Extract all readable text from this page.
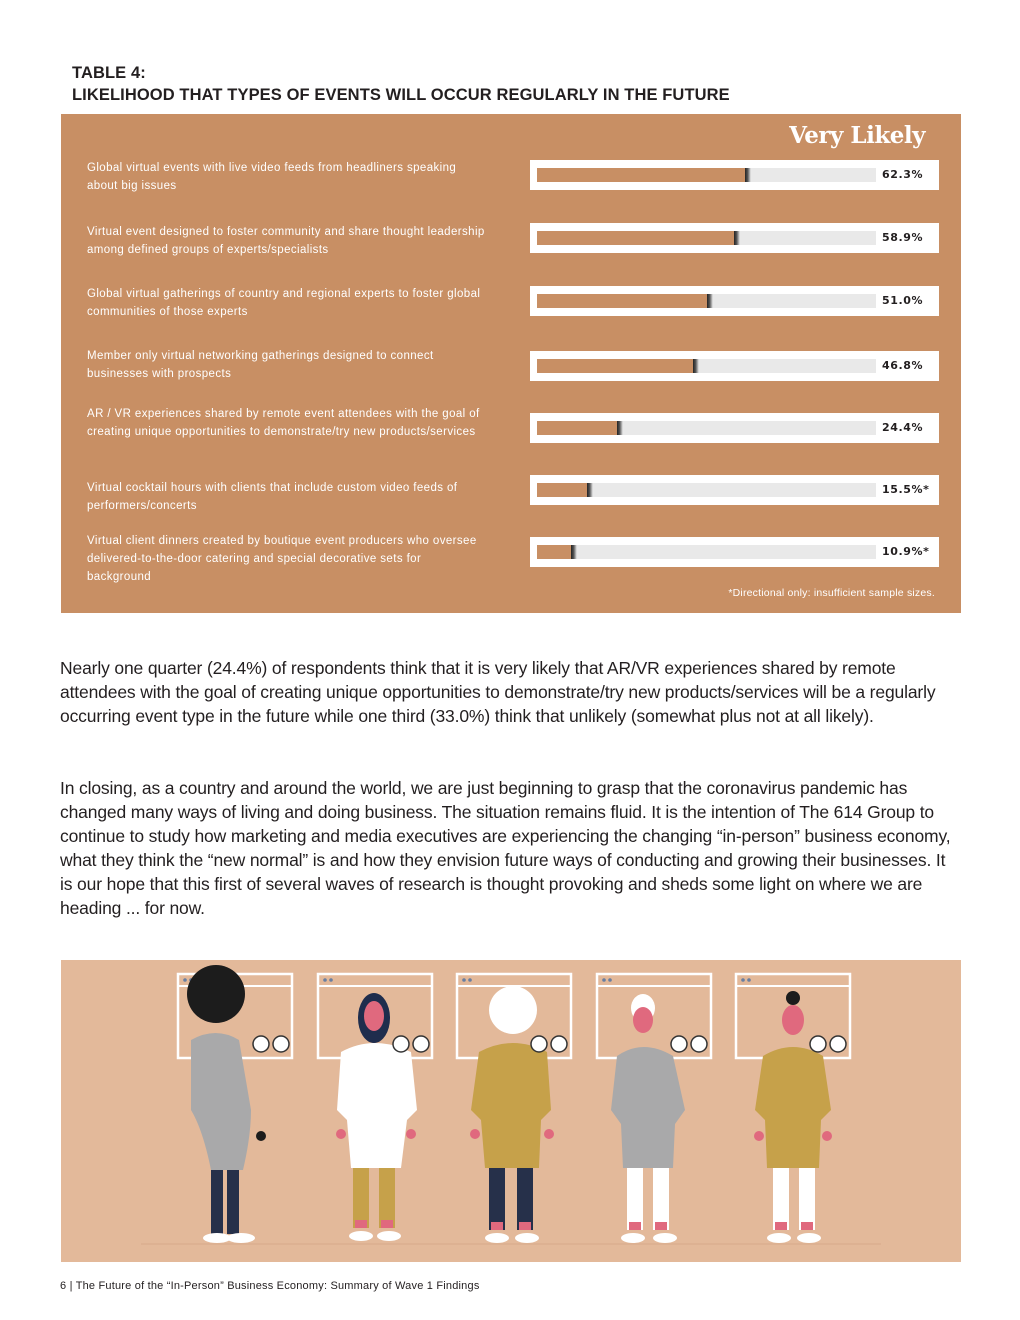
TABLE 4:
LIKELIHOOD THAT TYPES OF EVENTS WILL OCCUR REGULARLY IN THE FUTURE
Very Likely
*Directional only: insufficient sample sizes.
Global virtual events with live video feeds from headliners speaking about big issues
62.3%
Virtual event designed to foster community and share thought leadership among defined groups of experts/specialists
58.9%
Global virtual gatherings of country and regional experts to foster global communities of those experts
51.0%
Member only virtual networking gatherings designed to connect businesses with prospects
46.8%
AR / VR experiences shared by remote event attendees with the goal of creating unique opportunities to demonstrate/try new products/services	24.4%
Virtual cocktail hours with clients that include custom video feeds of performers/concerts
15.5%*
Virtual client dinners created by boutique event producers who oversee delivered-to-the-door catering and special decorative sets for background
10.9%*

Nearly one quarter (24.4%) of respondents think that it is very likely that AR/VR experiences shared by remote attendees with the goal of creating unique opportunities to demonstrate/try new products/services will be a regularly occurring event type in the future while one third (33.0%) think that unlikely (somewhat plus not at all likely).

In closing, as a country and around the world, we are just beginning to grasp that the coronavirus pandemic has changed many ways of living and doing business. The situation remains fluid. It is the intention of The 614 Group to continue to study how marketing and media executives are experiencing the changing “in-person” business economy, what they think the “new normal” is and how they envision future ways of conducting and growing their businesses. It is our hope that this first of several waves of research is thought provoking and sheds some light on where we are heading ... for now.

6 | The Future of the “In-Person” Business Economy: Summary of Wave 1 Findings
